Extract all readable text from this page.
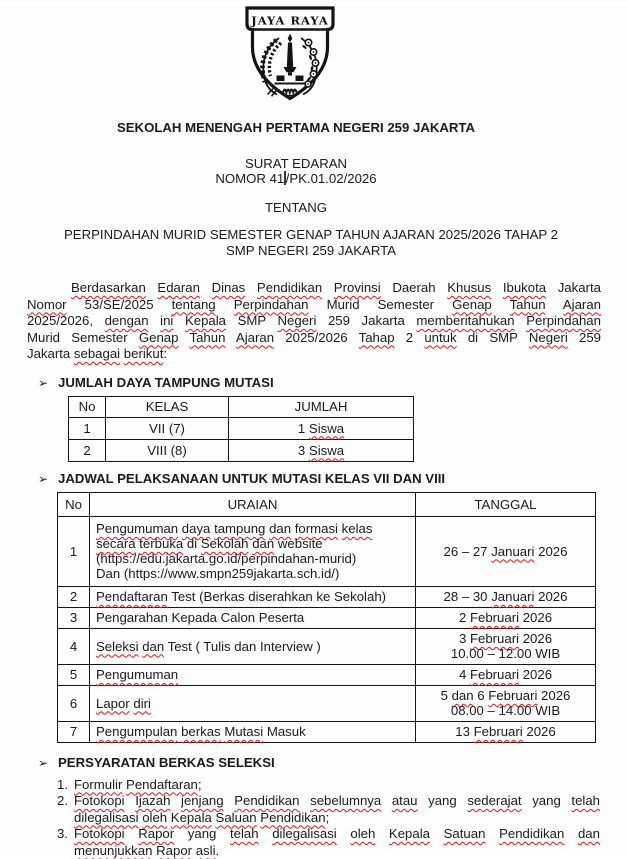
JAYA RAYA
SEKOLAH MENENGAH PERTAMA NEGERI 259 JAKARTA
SURAT EDARAN
NOMOR 41/PK.01.02/2026
TENTANG
PERPINDAHAN MURID SEMESTER GENAP TAHUN AJARAN 2025/2026 TAHAP 2
SMP NEGERI 259 JAKARTA
Berdasarkan Edaran Dinas Pendidikan Provinsi Daerah Khusus Ibukota Jakarta
Nomor 53/SE/2025 tentang Perpindahan Murid Semester Genap Tahun Ajaran
2025/2026, dengan ini Kepala SMP Negeri 259 Jakarta memberitahukan Perpindahan
Murid Semester Genap Tahun Ajaran 2025/2026 Tahap 2 untuk di SMP Negeri 259
Jakarta sebagai berikut:
➢ JUMLAH DAYA TAMPUNG MUTASI
No	KELAS	JUMLAH
1	VII (7)	1 Siswa
2	VIII (8)	3 Siswa
➢ JADWAL PELAKSANAAN UNTUK MUTASI KELAS VII DAN VIII
No	URAIAN	TANGGAL
1	Pengumuman daya tampung dan formasi kelas
secara terbuka di Sekolah dan website
(https://edu.jakarta.go.id/perpindahan-murid)
Dan (https://www.smpn259jakarta.sch.id/)	26 – 27 Januari 2026
2	Pendaftaran Test (Berkas diserahkan ke Sekolah)	28 – 30 Januari 2026
3	Pengarahan Kepada Calon Peserta	2 Februari 2026
4	Seleksi dan Test ( Tulis dan Interview )	3 Februari 2026
10.00 – 12.00 WIB
5	Pengumuman	4 Februari 2026
6	Lapor diri	5 dan 6 Februari 2026
08.00 – 14.00 WIB
7	Pengumpulan berkas Mutasi Masuk	13 Februari 2026
➢ PERSYARATAN BERKAS SELEKSI
1. Formulir Pendaftaran;
2. Fotokopi Ijazah jenjang Pendidikan sebelumnya atau yang sederajat yang telah
dilegalisasi oleh Kepala Saluan Pendidikan;
3. Fotokopi Rapor yang telah dilegalisasi oleh Kepala Satuan Pendidikan dan
menunjukkan Rapor asli.
